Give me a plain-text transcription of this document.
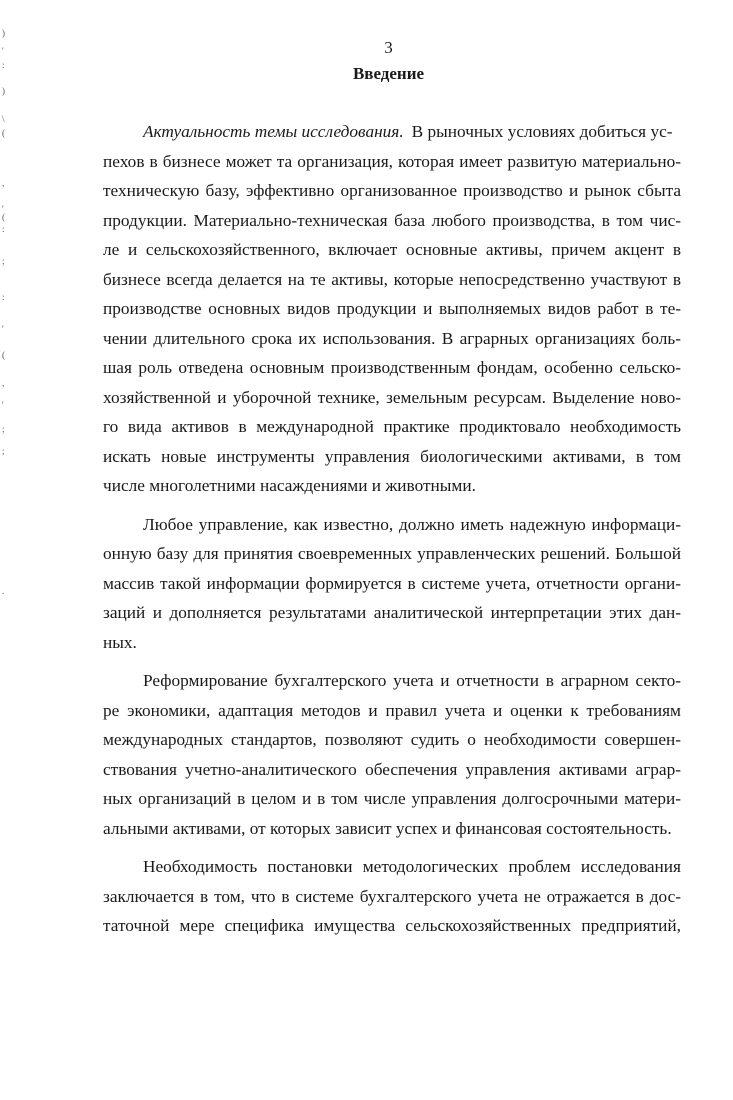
)
'
:
)
\
(
,
'
(
:
;
:
'
(
,
'
;
;
.
3
Введение
Актуальность темы исследования. В рыночных условиях добиться ус-
пехов в бизнесе может та организация, которая имеет развитую материально-
техническую базу, эффективно организованное производство и рынок сбыта
продукции. Материально-техническая база любого производства, в том чис-
ле и сельскохозяйственного, включает основные активы, причем акцент в
бизнесе всегда делается на те активы, которые непосредственно участвуют в
производстве основных видов продукции и выполняемых видов работ в те-
чении длительного срока их использования. В аграрных организациях боль-
шая роль отведена основным производственным фондам, особенно сельско-
хозяйственной и уборочной технике, земельным ресурсам. Выделение ново-
го вида активов в международной практике продиктовало необходимость
искать новые инструменты управления биологическими активами, в том
числе многолетними насаждениями и животными.
Любое управление, как известно, должно иметь надежную информаци-
онную базу для принятия своевременных управленческих решений. Большой
массив такой информации формируется в системе учета, отчетности органи-
заций и дополняется результатами аналитической интерпретации этих дан-
ных.
Реформирование бухгалтерского учета и отчетности в аграрном секто-
ре экономики, адаптация методов и правил учета и оценки к требованиям
международных стандартов, позволяют судить о необходимости совершен-
ствования учетно-аналитического обеспечения управления активами аграр-
ных организаций в целом и в том числе управления долгосрочными матери-
альными активами, от которых зависит успех и финансовая состоятельность.
Необходимость постановки методологических проблем исследования
заключается в том, что в системе бухгалтерского учета не отражается в дос-
таточной мере специфика имущества сельскохозяйственных предприятий,
